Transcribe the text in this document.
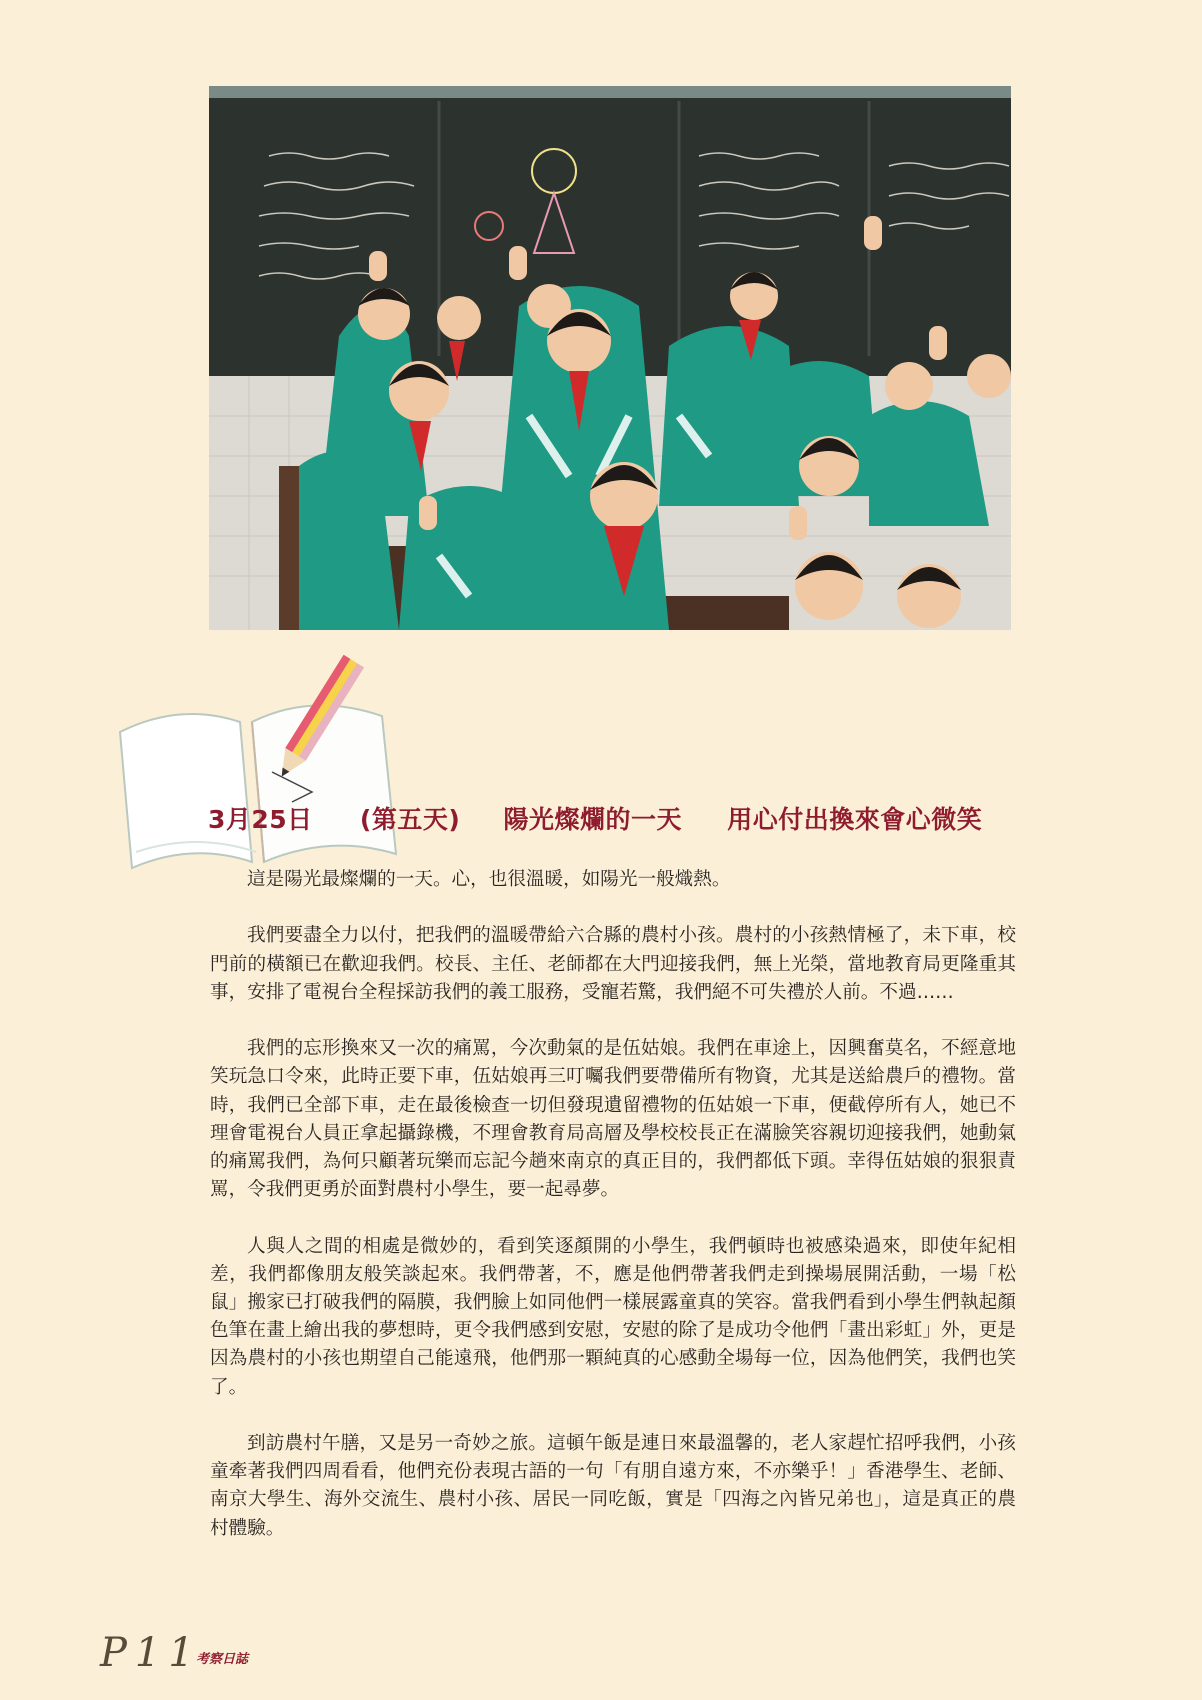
3月25日 (第五天) 陽光燦爛的一天 用心付出換來會心微笑

這是陽光最燦爛的一天。心，也很溫暖，如陽光一般熾熱。

我們要盡全力以付，把我們的溫暖帶給六合縣的農村小孩。農村的小孩熱情極了，未下車，校門前的橫額已在歡迎我們。校長、主任、老師都在大門迎接我們，無上光榮，當地教育局更隆重其事，安排了電視台全程採訪我們的義工服務，受寵若驚，我們絕不可失禮於人前。不過……

我們的忘形換來又一次的痛罵，今次動氣的是伍姑娘。我們在車途上，因興奮莫名，不經意地笑玩急口令來，此時正要下車，伍姑娘再三叮囑我們要帶備所有物資，尤其是送給農戶的禮物。當時，我們已全部下車，走在最後檢查一切但發現遺留禮物的伍姑娘一下車，便截停所有人，她已不理會電視台人員正拿起攝錄機，不理會教育局高層及學校校長正在滿臉笑容親切迎接我們，她動氣的痛罵我們，為何只顧著玩樂而忘記今趟來南京的真正目的，我們都低下頭。幸得伍姑娘的狠狠責罵，令我們更勇於面對農村小學生，要一起尋夢。

人與人之間的相處是微妙的，看到笑逐顏開的小學生，我們頓時也被感染過來，即使年紀相差，我們都像朋友般笑談起來。我們帶著，不，應是他們帶著我們走到操場展開活動，一場「松鼠」搬家已打破我們的隔膜，我們臉上如同他們一樣展露童真的笑容。當我們看到小學生們執起顏色筆在畫上繪出我的夢想時，更令我們感到安慰，安慰的除了是成功令他們「畫出彩虹」外，更是因為農村的小孩也期望自己能遠飛，他們那一顆純真的心感動全場每一位，因為他們笑，我們也笑了。

到訪農村午膳，又是另一奇妙之旅。這頓午飯是連日來最溫馨的，老人家趕忙招呼我們，小孩童牽著我們四周看看，他們充份表現古語的一句「有朋自遠方來，不亦樂乎！」香港學生、老師、南京大學生、海外交流生、農村小孩、居民一同吃飯，實是「四海之內皆兄弟也」，這是真正的農村體驗。

P11
考察日誌
